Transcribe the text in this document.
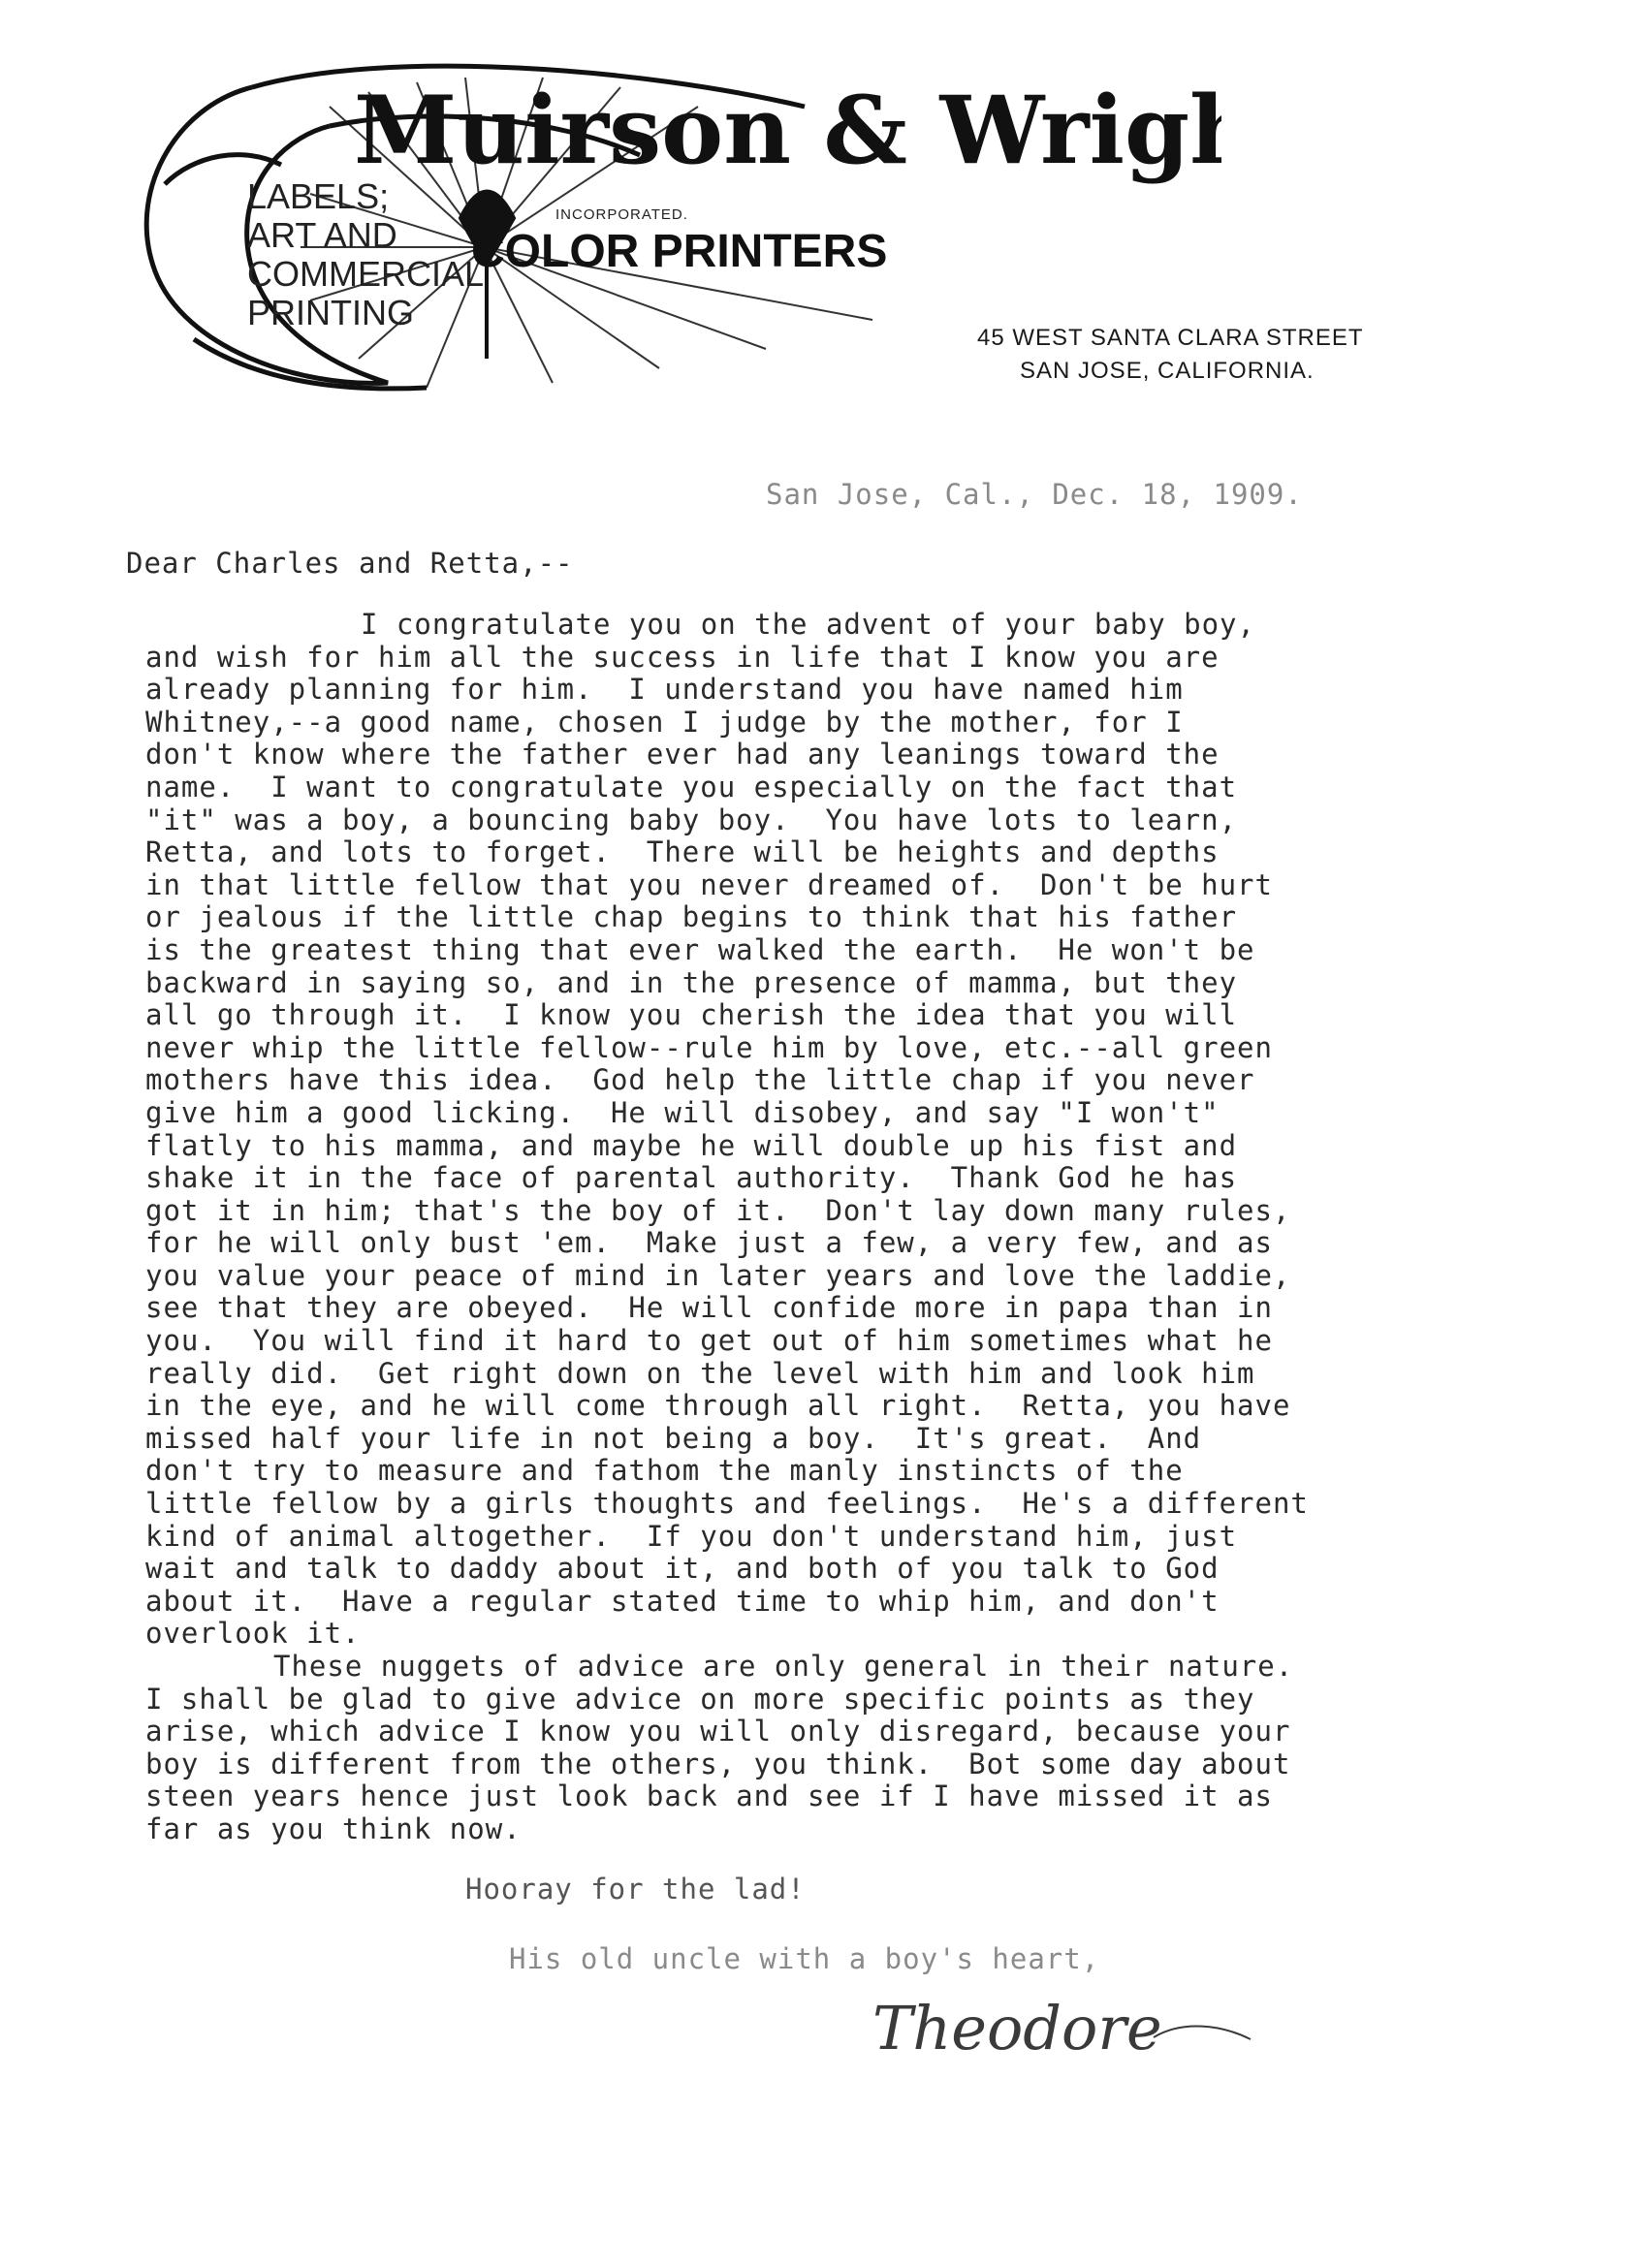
Muirson & Wright
INCORPORATED.
COLOR PRINTERS
LABELS;
ART AND
COMMERCIAL
PRINTING
45 WEST SANTA CLARA STREET
SAN JOSE, CALIFORNIA.
San Jose, Cal., Dec. 18, 1909.
Dear Charles and Retta,--
I congratulate you on the advent of your baby boy,
and wish for him all the success in life that I know you are
already planning for him.  I understand you have named him
Whitney,--a good name, chosen I judge by the mother, for I
don't know where the father ever had any leanings toward the
name.  I want to congratulate you especially on the fact that
"it" was a boy, a bouncing baby boy.  You have lots to learn,
Retta, and lots to forget.  There will be heights and depths
in that little fellow that you never dreamed of.  Don't be hurt
or jealous if the little chap begins to think that his father
is the greatest thing that ever walked the earth.  He won't be
backward in saying so, and in the presence of mamma, but they
all go through it.  I know you cherish the idea that you will
never whip the little fellow--rule him by love, etc.--all green
mothers have this idea.  God help the little chap if you never
give him a good licking.  He will disobey, and say "I won't"
flatly to his mamma, and maybe he will double up his fist and
shake it in the face of parental authority.  Thank God he has
got it in him; that's the boy of it.  Don't lay down many rules,
for he will only bust 'em.  Make just a few, a very few, and as
you value your peace of mind in later years and love the laddie,
see that they are obeyed.  He will confide more in papa than in
you.  You will find it hard to get out of him sometimes what he
really did.  Get right down on the level with him and look him
in the eye, and he will come through all right.  Retta, you have
missed half your life in not being a boy.  It's great.  And
don't try to measure and fathom the manly instincts of the
little fellow by a girls thoughts and feelings.  He's a different
kind of animal altogether.  If you don't understand him, just
wait and talk to daddy about it, and both of you talk to God
about it.  Have a regular stated time to whip him, and don't
overlook it.
These nuggets of advice are only general in their nature.
I shall be glad to give advice on more specific points as they
arise, which advice I know you will only disregard, because your
boy is different from the others, you think.  Bot some day about
steen years hence just look back and see if I have missed it as
far as you think now.
Hooray for the lad!
His old uncle with a boy's heart,
Theodore
